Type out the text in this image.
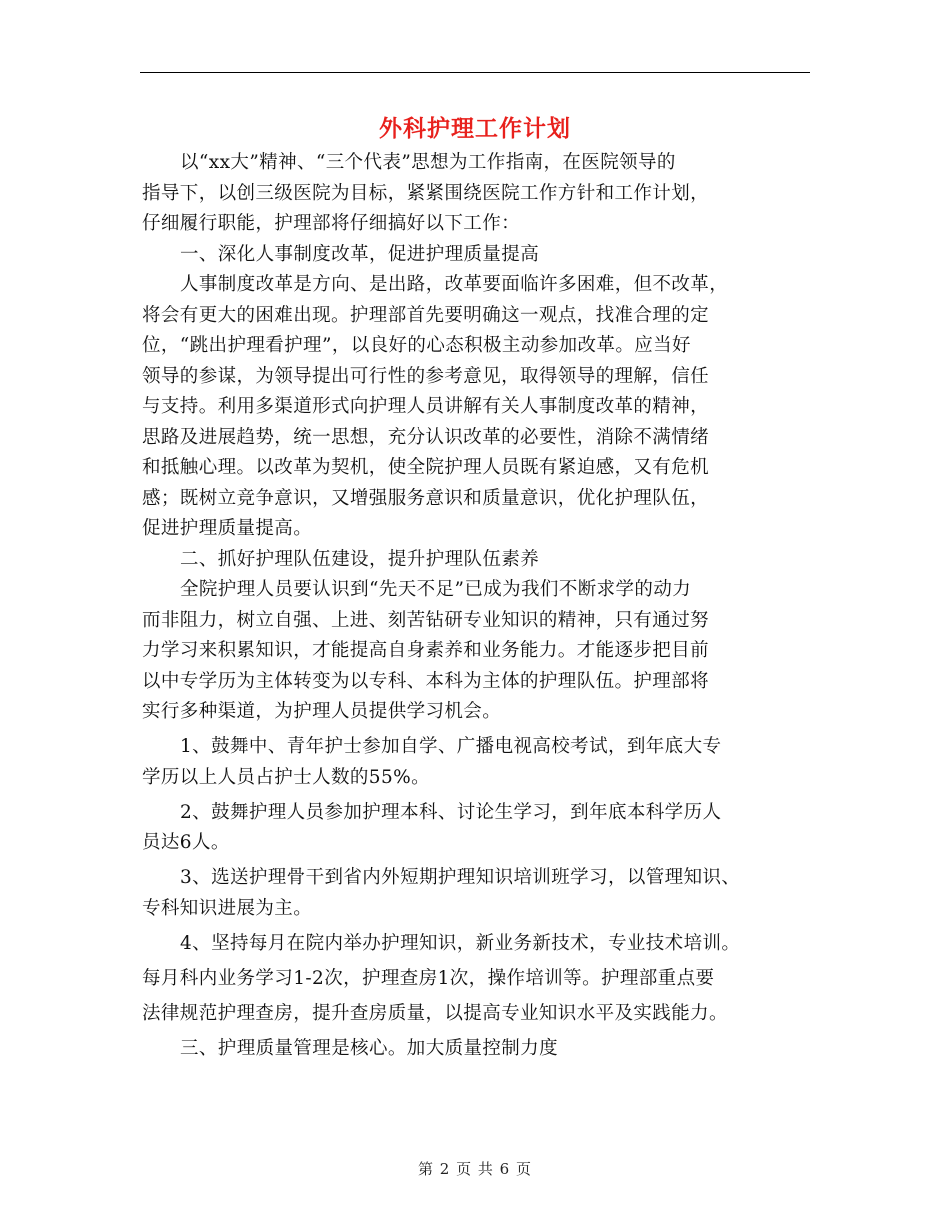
外科护理工作计划
以“xx大”精神、“三个代表”思想为工作指南，在医院领导的
指导下，以创三级医院为目标，紧紧围绕医院工作方针和工作计划，
仔细履行职能，护理部将仔细搞好以下工作：
一、深化人事制度改革，促进护理质量提高
人事制度改革是方向、是出路，改革要面临许多困难，但不改革，
将会有更大的困难出现。护理部首先要明确这一观点，找准合理的定
位，“跳出护理看护理”，以良好的心态积极主动参加改革。应当好
领导的参谋，为领导提出可行性的参考意见，取得领导的理解，信任
与支持。利用多渠道形式向护理人员讲解有关人事制度改革的精神，
思路及进展趋势，统一思想，充分认识改革的必要性，消除不满情绪
和抵触心理。以改革为契机，使全院护理人员既有紧迫感，又有危机
感；既树立竞争意识，又增强服务意识和质量意识，优化护理队伍，
促进护理质量提高。
二、抓好护理队伍建设，提升护理队伍素养
全院护理人员要认识到“先天不足”已成为我们不断求学的动力
而非阻力，树立自强、上进、刻苦钻研专业知识的精神，只有通过努
力学习来积累知识，才能提高自身素养和业务能力。才能逐步把目前
以中专学历为主体转变为以专科、本科为主体的护理队伍。护理部将
实行多种渠道，为护理人员提供学习机会。
1、鼓舞中、青年护士参加自学、广播电视高校考试，到年底大专
学历以上人员占护士人数的55%。
2、鼓舞护理人员参加护理本科、讨论生学习，到年底本科学历人
员达6人。
3、选送护理骨干到省内外短期护理知识培训班学习，以管理知识、
专科知识进展为主。
4、坚持每月在院内举办护理知识，新业务新技术，专业技术培训。
每月科内业务学习1-2次，护理查房1次，操作培训等。护理部重点要
法律规范护理查房，提升查房质量，以提高专业知识水平及实践能力。
三、护理质量管理是核心。加大质量控制力度
第 2 页 共 6 页
